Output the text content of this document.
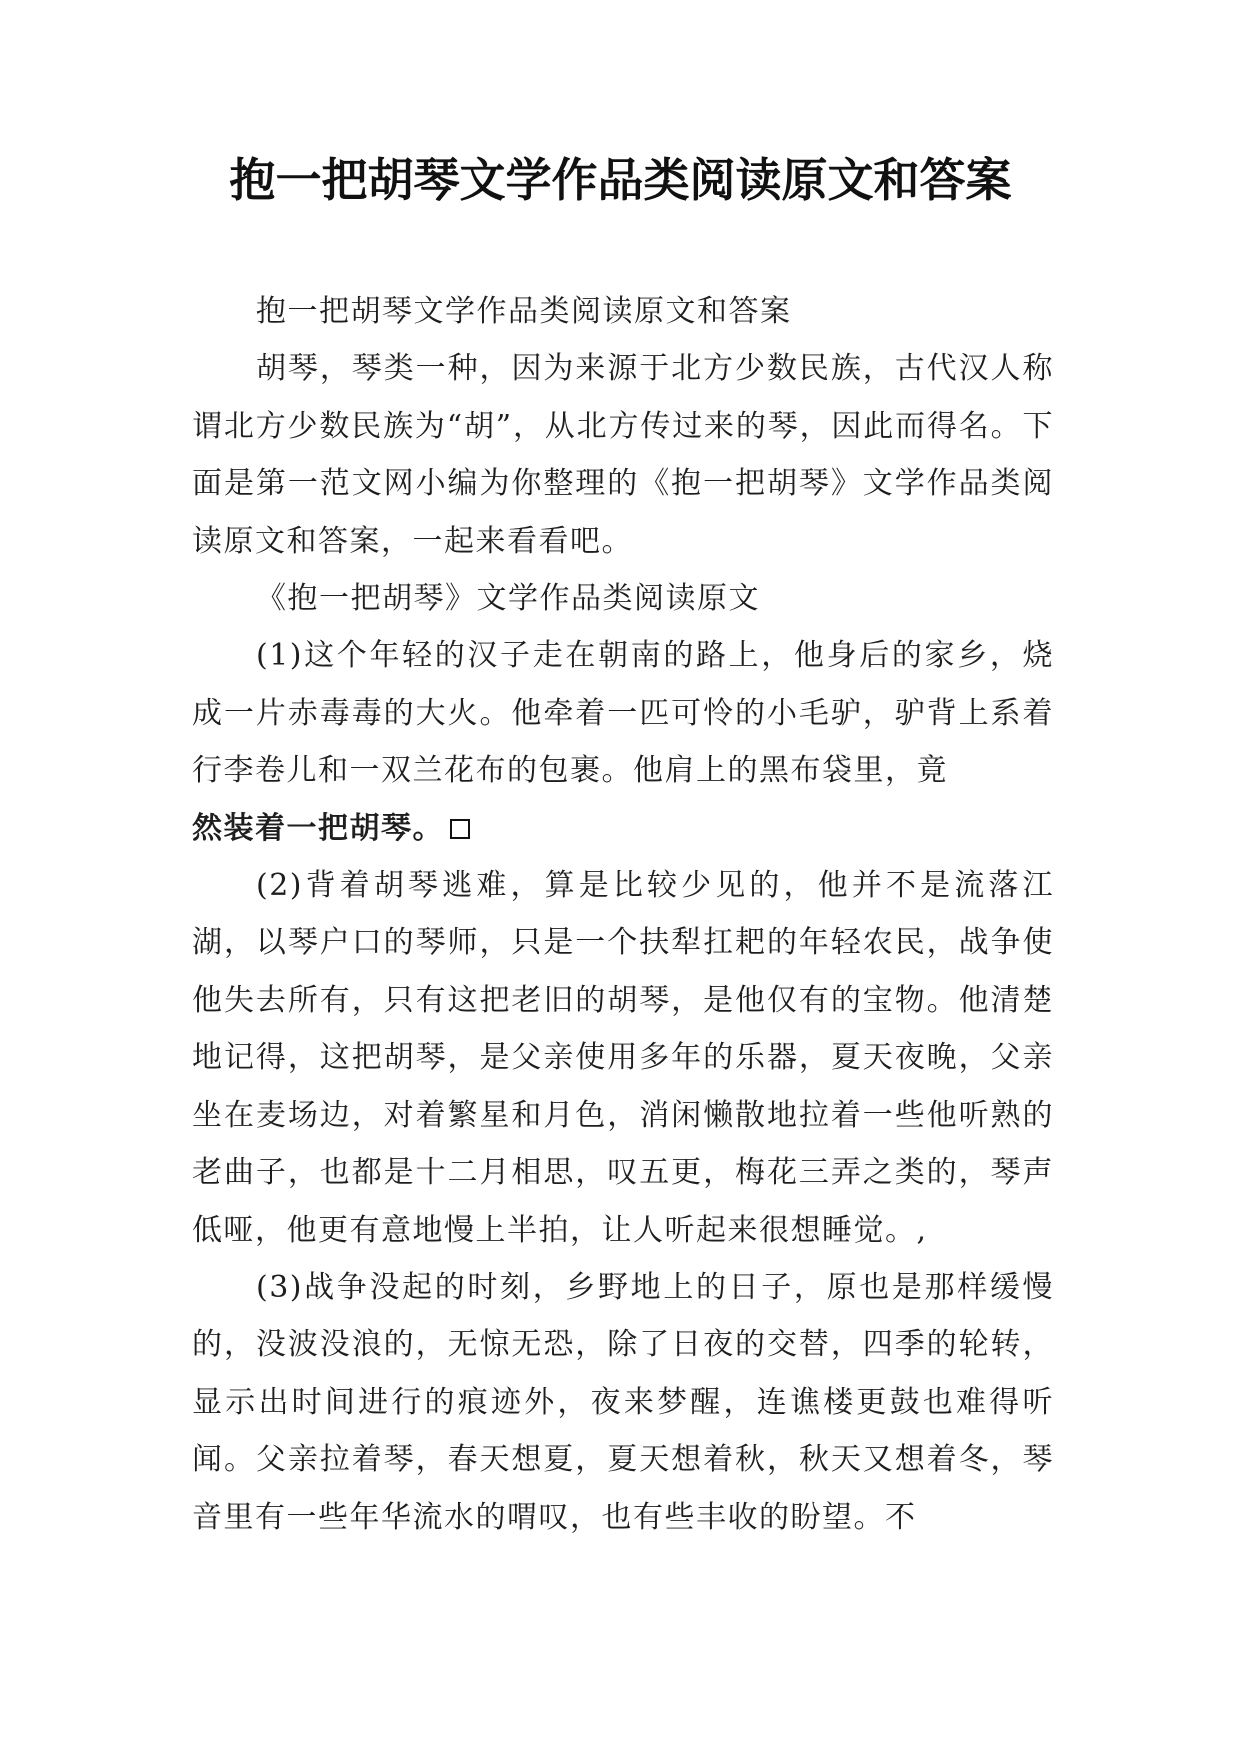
抱一把胡琴文学作品类阅读原文和答案

抱一把胡琴文学作品类阅读原文和答案

胡琴，琴类一种，因为来源于北方少数民族，古代汉人称谓北方少数民族为“胡”，从北方传过来的琴，因此而得名。下面是第一范文网小编为你整理的《抱一把胡琴》文学作品类阅读原文和答案，一起来看看吧。

《抱一把胡琴》文学作品类阅读原文

(1)这个年轻的汉子走在朝南的路上，他身后的家乡，烧成一片赤毒毒的大火。他牵着一匹可怜的小毛驴，驴背上系着行李卷儿和一双兰花布的包裹。他肩上的黑布袋里，竟
然装着一把胡琴。

(2)背着胡琴逃难，算是比较少见的，他并不是流落江湖，以琴户口的琴师，只是一个扶犁扛耙的年轻农民，战争使他失去所有，只有这把老旧的胡琴，是他仅有的宝物。他清楚地记得，这把胡琴，是父亲使用多年的乐器，夏天夜晚，父亲坐在麦场边，对着繁星和月色，消闲懒散地拉着一些他听熟的老曲子，也都是十二月相思，叹五更，梅花三弄之类的，琴声低哑，他更有意地慢上半拍，让人听起来很想睡觉。,

(3)战争没起的时刻，乡野地上的日子，原也是那样缓慢的，没波没浪的，无惊无恐，除了日夜的交替，四季的轮转，显示出时间进行的痕迹外，夜来梦醒，连谯楼更鼓也难得听闻。父亲拉着琴，春天想夏，夏天想着秋，秋天又想着冬，琴音里有一些年华流水的喟叹，也有些丰收的盼望。不
